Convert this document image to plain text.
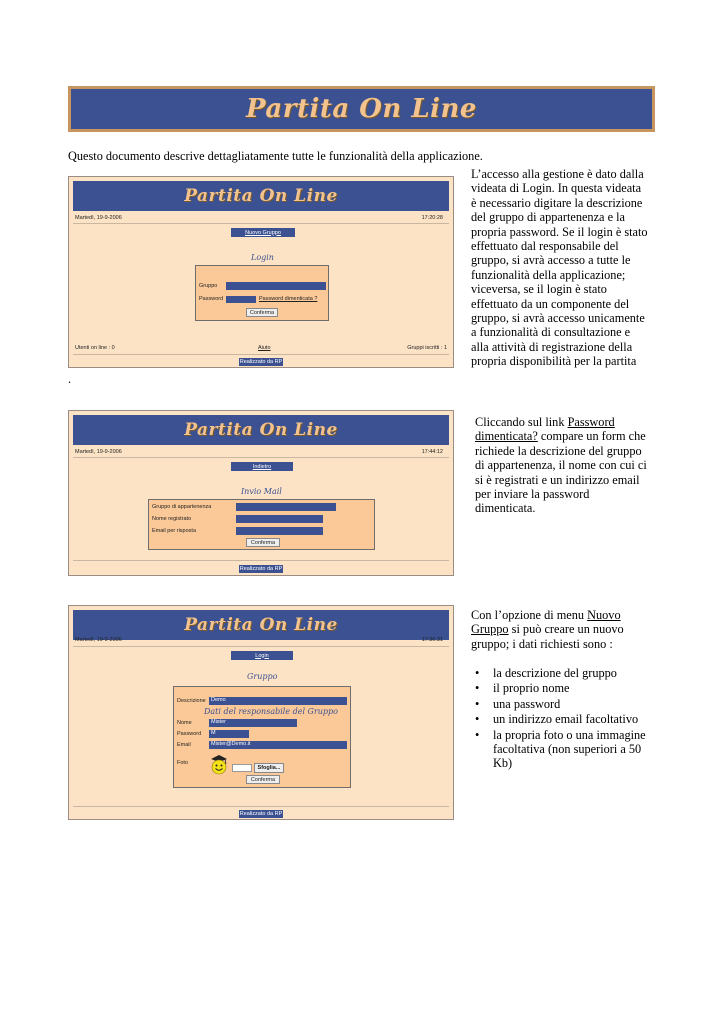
Partita On Line
Questo documento descrive dettagliatamente tutte le funzionalità della applicazione.
Partita On Line
Martedì, 19-9-2006	17:20:28
Nuovo Gruppo
Login
Gruppo
Password	Password dimenticata ?
Conferma
Utenti on line : 0	Aiuto	Gruppi iscritti : 1
Realizzato da RP
L’accesso alla gestione è dato dalla videata di Login. In questa videata è necessario digitare la descrizione del gruppo di appartenenza e la propria password. Se il login è stato effettuato dal responsabile del gruppo, si avrà accesso a tutte le funzionalità della applicazione; viceversa, se il login è stato effettuato da un componente del gruppo, si avrà accesso unicamente a funzionalità di consultazione e alla attività di registrazione della propria disponibilità per la partita
.
Partita On Line
Martedì, 19-9-2006	17:44:12
Indietro
Invio Mail
Gruppo di appartenenza
Nome registrato
Email per risposta
Conferma
Realizzato da RP
Cliccando sul link Password dimenticata? compare un form che richiede la descrizione del gruppo di appartenenza, il nome con cui ci si è registrati e un indirizzo email per inviare la password dimenticata.
Partita On Line
Martedì, 19-9-2006	17:36:31
Login
Gruppo
Descrizione Demo
Dati del responsabile del Gruppo
Nome	Mister
Password	M
Email	Mister@Demo.it
Foto
Sfoglia...
Conferma
Realizzato da RP
Con l’opzione di menu Nuovo Gruppo si può creare un nuovo gruppo; i dati richiesti sono :
• la descrizione del gruppo
• il proprio nome
• una password
• un indirizzo email facoltativo
• la propria foto o una immagine facoltativa (non superiori a 50 Kb)
